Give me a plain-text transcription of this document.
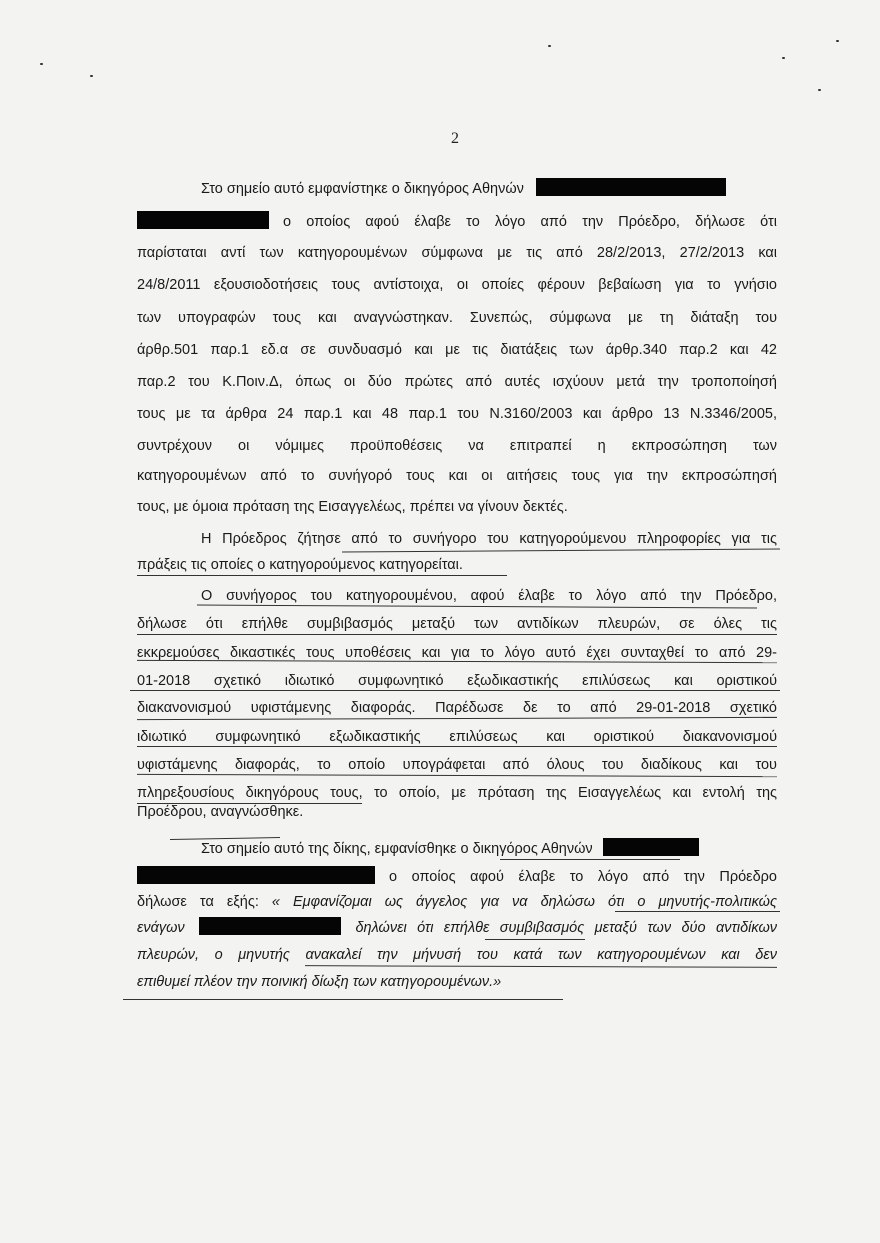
2
Στο σημείο αυτό εμφανίστηκε ο δικηγόρος Αθηνών
ο οποίος αφού έλαβε το λόγο από την Πρόεδρο, δήλωσε ότι
παρίσταται αντί των κατηγορουμένων σύμφωνα με τις από 28/2/2013, 27/2/2013 και
24/8/2011 εξουσιοδοτήσεις τους αντίστοιχα, οι οποίες φέρουν βεβαίωση για το γνήσιο
των υπογραφών τους και αναγνώστηκαν. Συνεπώς, σύμφωνα με τη διάταξη του
άρθρ.501 παρ.1 εδ.α σε συνδυασμό και με τις διατάξεις των άρθρ.340 παρ.2 και 42
παρ.2 του Κ.Ποιν.Δ, όπως οι δύο πρώτες από αυτές ισχύουν μετά την τροποποίησή
τους με τα άρθρα 24 παρ.1 και 48 παρ.1 του Ν.3160/2003 και άρθρο 13 Ν.3346/2005,
συντρέχουν οι νόμιμες προϋποθέσεις να επιτραπεί η εκπροσώπηση των
κατηγορουμένων από το συνήγορό τους και οι αιτήσεις τους για την εκπροσώπησή
τους, με όμοια πρόταση της Εισαγγελέως, πρέπει να γίνουν δεκτές.
Η Πρόεδρος ζήτησε από το συνήγορο του κατηγορούμενου πληροφορίες για τις
πράξεις τις οποίες ο κατηγορούμενος κατηγορείται.
Ο συνήγορος του κατηγορουμένου, αφού έλαβε το λόγο από την Πρόεδρο,
δήλωσε ότι επήλθε συμβιβασμός μεταξύ των αντιδίκων πλευρών, σε όλες τις
εκκρεμούσες δικαστικές τους υποθέσεις και για το λόγο αυτό έχει συνταχθεί το από 29-
01-2018 σχετικό ιδιωτικό συμφωνητικό εξωδικαστικής επιλύσεως και οριστικού
διακανονισμού υφιστάμενης διαφοράς. Παρέδωσε δε το από 29-01-2018 σχετικό
ιδιωτικό συμφωνητικό εξωδικαστικής επιλύσεως και οριστικού διακανονισμού
υφιστάμενης διαφοράς, το οποίο υπογράφεται από όλους του διαδίκους και του
πληρεξουσίους δικηγόρους τους, το οποίο, με πρόταση της Εισαγγελέως και εντολή της
Προέδρου, αναγνώσθηκε.
Στο σημείο αυτό της δίκης, εμφανίσθηκε ο δικηγόρος Αθηνών
ο οποίος αφού έλαβε το λόγο από την Πρόεδρο
δήλωσε τα εξής: « Εμφανίζομαι ως άγγελος για να δηλώσω ότι ο μηνυτής-πολιτικώς
ενάγων	δηλώνει ότι επήλθε συμβιβασμός μεταξύ των δύο αντιδίκων
πλευρών, ο μηνυτής ανακαλεί την μήνυσή του κατά των κατηγορουμένων και δεν
επιθυμεί πλέον την ποινική δίωξη των κατηγορουμένων.»
